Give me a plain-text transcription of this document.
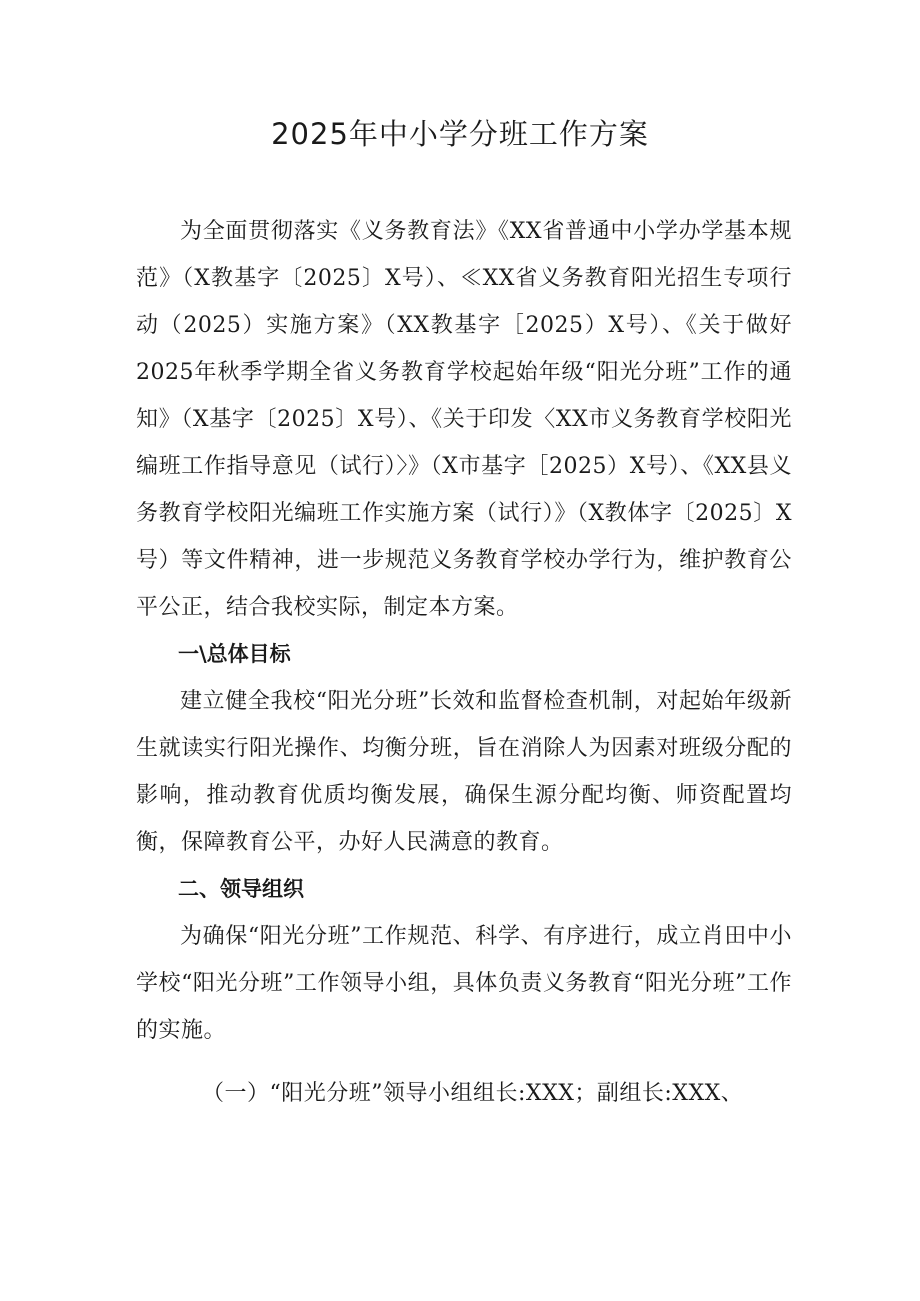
2025年中小学分班工作方案

为全面贯彻落实《义务教育法》《XX省普通中小学办学基本规范》（X教基字〔2025〕X号）、≪XX省义务教育阳光招生专项行动（2025）实施方案》（XX教基字［2025）X号）、《关于做好2025年秋季学期全省义务教育学校起始年级“阳光分班”工作的通知》（X基字〔2025〕X号）、《关于印发〈XX市义务教育学校阳光编班工作指导意见（试行）〉》（X市基字［2025）X号）、《XX县义务教育学校阳光编班工作实施方案（试行）》（X教体字〔2025〕X号）等文件精神，进一步规范义务教育学校办学行为，维护教育公平公正，结合我校实际，制定本方案。

一\总体目标

建立健全我校“阳光分班”长效和监督检查机制，对起始年级新生就读实行阳光操作、均衡分班，旨在消除人为因素对班级分配的影响，推动教育优质均衡发展，确保生源分配均衡、师资配置均衡，保障教育公平，办好人民满意的教育。

二、领导组织

为确保“阳光分班”工作规范、科学、有序进行，成立肖田中小学校“阳光分班”工作领导小组，具体负责义务教育“阳光分班”工作的实施。

（一）“阳光分班”领导小组组长:XXX；副组长:XXX、
